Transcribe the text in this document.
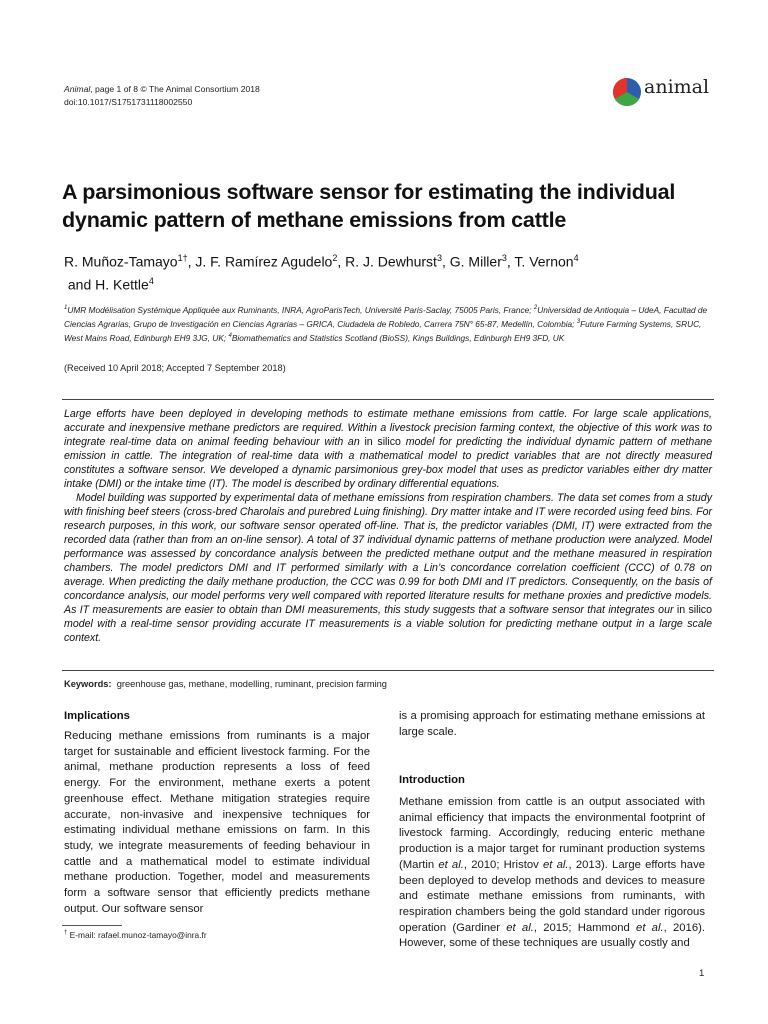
Animal, page 1 of 8 © The Animal Consortium 2018
doi:10.1017/S1751731118002550
animal
A parsimonious software sensor for estimating the individual dynamic pattern of methane emissions from cattle
R. Muñoz-Tamayo$^{1\dagger}$, J. F. Ramírez Agudelo$^2$, R. J. Dewhurst$^3$, G. Miller$^3$, T. Vernon$^4$
and H. Kettle$^4$
$^1$UMR Modélisation Systémique Appliquée aux Ruminants, INRA, AgroParisTech, Université Paris-Saclay, 75005 Paris, France; $^2$Universidad de Antioquia – UdeA, Facultad de Ciencias Agrarias, Grupo de Investigación en Ciencias Agrarias – GRICA, Ciudadela de Robledo, Carrera 75N° 65-87, Medellín, Colombia; $^3$Future Farming Systems, SRUC, West Mains Road, Edinburgh EH9 3JG, UK; $^4$Biomathematics and Statistics Scotland (BioSS), Kings Buildings, Edinburgh EH9 3FD, UK
(Received 10 April 2018; Accepted 7 September 2018)

Large efforts have been deployed in developing methods to estimate methane emissions from cattle. For large scale applications, accurate and inexpensive methane predictors are required. Within a livestock precision farming context, the objective of this work was to integrate real-time data on animal feeding behaviour with an in silico model for predicting the individual dynamic pattern of methane emission in cattle. The integration of real-time data with a mathematical model to predict variables that are not directly measured constitutes a software sensor. We developed a dynamic parsimonious grey-box model that uses as predictor variables either dry matter intake (DMI) or the intake time (IT). The model is described by ordinary differential equations.

Model building was supported by experimental data of methane emissions from respiration chambers. The data set comes from a study with finishing beef steers (cross-bred Charolais and purebred Luing finishing). Dry matter intake and IT were recorded using feed bins. For research purposes, in this work, our software sensor operated off-line. That is, the predictor variables (DMI, IT) were extracted from the recorded data (rather than from an on-line sensor). A total of 37 individual dynamic patterns of methane production were analyzed. Model performance was assessed by concordance analysis between the predicted methane output and the methane measured in respiration chambers. The model predictors DMI and IT performed similarly with a Lin’s concordance correlation coefficient (CCC) of 0.78 on average. When predicting the daily methane production, the CCC was 0.99 for both DMI and IT predictors. Consequently, on the basis of concordance analysis, our model performs very well compared with reported literature results for methane proxies and predictive models. As IT measurements are easier to obtain than DMI measurements, this study suggests that a software sensor that integrates our in silico model with a real-time sensor providing accurate IT measurements is a viable solution for predicting methane output in a large scale context.

Keywords: greenhouse gas, methane, modelling, ruminant, precision farming
Implications

Reducing methane emissions from ruminants is a major target for sustainable and efficient livestock farming. For the animal, methane production represents a loss of feed energy. For the environment, methane exerts a potent greenhouse effect. Methane mitigation strategies require accurate, non-invasive and inexpensive techniques for estimating individual methane emissions on farm. In this study, we integrate measurements of feeding behaviour in cattle and a mathematical model to estimate individual methane production. Together, model and measurements form a software sensor that efficiently predicts methane output. Our software sensor

is a promising approach for estimating methane emissions at large scale.

Introduction

Methane emission from cattle is an output associated with animal efficiency that impacts the environmental footprint of livestock farming. Accordingly, reducing enteric methane production is a major target for ruminant production systems (Martin et al., 2010; Hristov et al., 2013). Large efforts have been deployed to develop methods and devices to measure and estimate methane emissions from ruminants, with respiration chambers being the gold standard under rigorous operation (Gardiner et al., 2015; Hammond et al., 2016). However, some of these techniques are usually costly and

† E-mail: rafael.munoz-tamayo@inra.fr
1
